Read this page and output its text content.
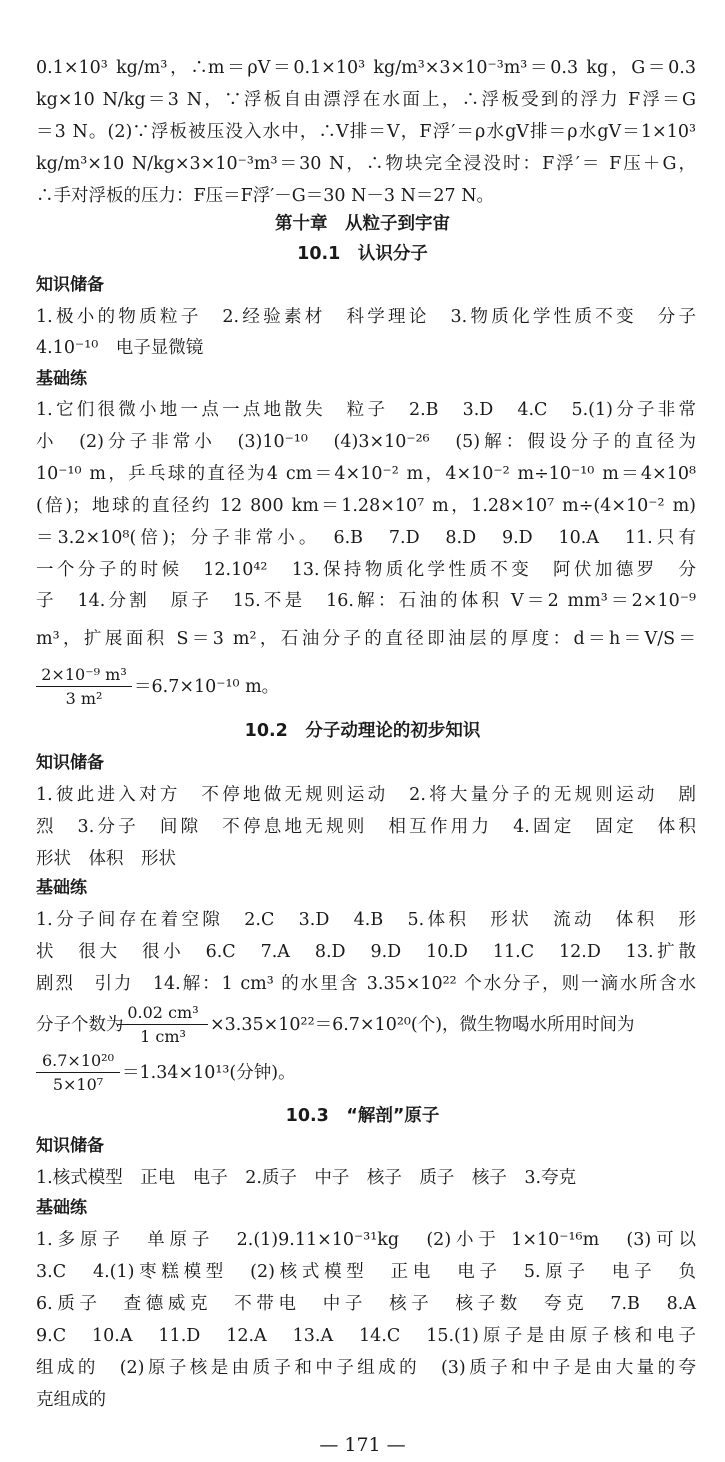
0.1×10³ kg/m³，∴m＝ρV＝0.1×10³ kg/m³×3×10⁻³m³＝0.3 kg，G＝0.3
kg×10 N/kg＝3 N，∵浮板自由漂浮在水面上，∴浮板受到的浮力 F浮＝G
＝3 N。(2)∵浮板被压没入水中，∴V排＝V，F浮′＝ρ水gV排＝ρ水gV＝1×10³
kg/m³×10 N/kg×3×10⁻³m³＝30 N，∴物块完全浸没时：F浮′＝ F压＋G，
∴手对浮板的压力：F压＝F浮′－G＝30 N－3 N＝27 N。
第十章　从粒子到宇宙
10.1　认识分子
知识储备
1.极小的物质粒子　2.经验素材　科学理论　3.物质化学性质不变　分子
4.10⁻¹⁰　电子显微镜
基础练
1.它们很微小地一点一点地散失　粒子　2.B　3.D　4.C　5.(1)分子非常
小　(2)分子非常小　(3)10⁻¹⁰　(4)3×10⁻²⁶　(5)解：假设分子的直径为
10⁻¹⁰ m，乒乓球的直径为4 cm＝4×10⁻² m，4×10⁻² m÷10⁻¹⁰ m＝4×10⁸
(倍)；地球的直径约 12 800 km＝1.28×10⁷ m，1.28×10⁷ m÷(4×10⁻² m)
＝3.2×10⁸(倍)；分子非常小。　6.B　7.D　8.D　9.D　10.A　11.只有
一个分子的时候　12.10⁴²　13.保持物质化学性质不变　阿伏加德罗　分
子　14.分割　原子　15.不是　16.解：石油的体积 V＝2 mm³＝2×10⁻⁹
m³，扩展面积 S＝3 m²，石油分子的直径即油层的厚度：d＝h＝V/S＝
2×10⁻⁹ m³
3 m²
＝6.7×10⁻¹⁰ m。
10.2　分子动理论的初步知识
知识储备
1.彼此进入对方　不停地做无规则运动　2.将大量分子的无规则运动　剧
烈　3.分子　间隙　不停息地无规则　相互作用力　4.固定　固定　体积
形状　体积　形状
基础练
1.分子间存在着空隙　2.C　3.D　4.B　5.体积　形状　流动　体积　形
状　很大　很小　6.C　7.A　8.D　9.D　10.D　11.C　12.D　13.扩散
剧烈　引力　14.解：1 cm³ 的水里含 3.35×10²² 个水分子，则一滴水所含水
分子个数为
0.02 cm³
1 cm³
×3.35×10²²＝6.7×10²⁰(个)，微生物喝水所用时间为
6.7×10²⁰
5×10⁷
＝1.34×10¹³(分钟)。
10.3　“解剖”原子
知识储备
1.核式模型　正电　电子　2.质子　中子　核子　质子　核子　3.夸克
基础练
1.多原子　单原子　2.(1)9.11×10⁻³¹kg　(2)小于 1×10⁻¹⁶m　(3)可以
3.C　4.(1)枣糕模型　(2)核式模型　正电　电子　5.原子　电子　负
6.质子　查德威克　不带电　中子　核子　核子数　夸克　7.B　8.A
9.C　10.A　11.D　12.A　13.A　14.C　15.(1)原子是由原子核和电子
组成的　(2)原子核是由质子和中子组成的　(3)质子和中子是由大量的夸
克组成的
— 171 —
